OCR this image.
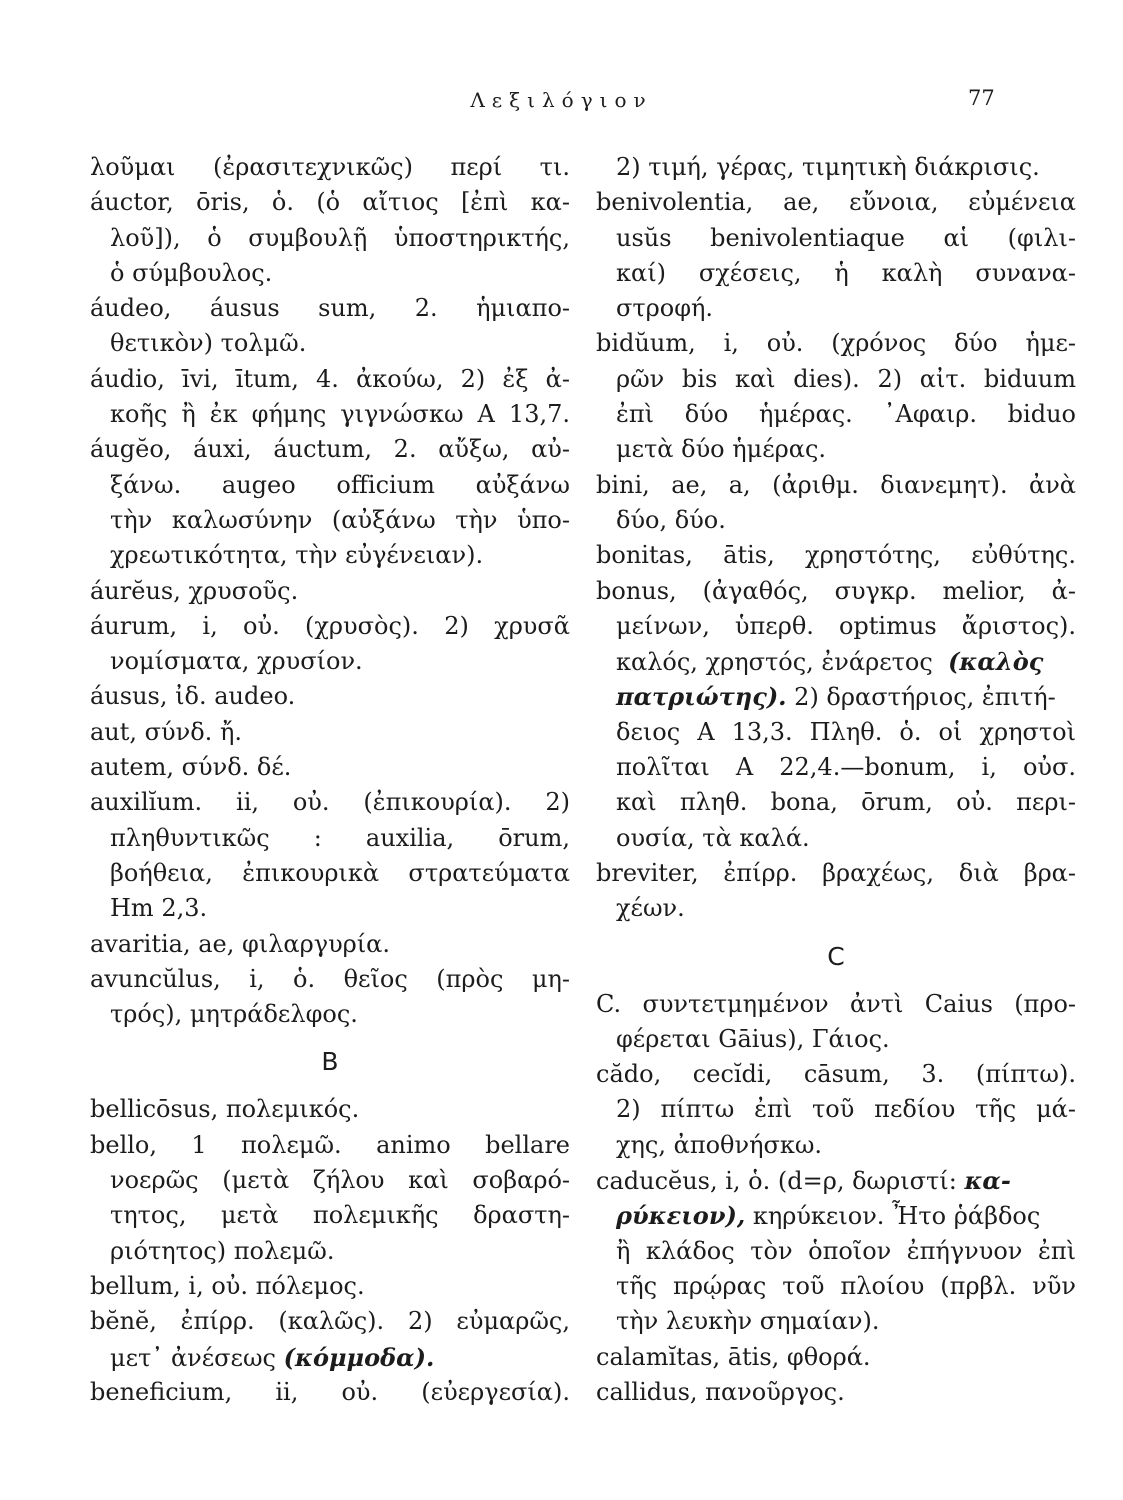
Λεξιλόγιον	77
λοῦμαι (ἐρασιτεχνικῶς) περί τι.
áuctor, ōris, ὁ. (ὁ αἴτιος [ἐπὶ κα-
λοῦ]), ὁ συμβουλῇ ὑποστηρικτής,
ὁ σύμβουλος.
áudeo, áusus sum, 2. ἡμιαπο-
θετικὸν) τολμῶ.
áudio, īvi, ītum, 4. ἀκούω, 2) ἐξ ἀ-
κοῆς ἢ ἐκ φήμης γιγνώσκω Α 13,7.
áugĕo, áuxi, áuctum, 2. αὔξω, αὐ-
ξάνω. augeo officium αὐξάνω
τὴν καλωσύνην (αὐξάνω τὴν ὑπο-
χρεωτικότητα, τὴν εὐγένειαν).
áurĕus, χρυσοῦς.
áurum, i, οὐ. (χρυσὸς). 2) χρυσᾶ
νομίσματα, χρυσίον.
áusus, ἰδ. audeo.
aut, σύνδ. ἤ.
autem, σύνδ. δέ.
auxilĭum. ii, οὐ. (ἐπικουρία). 2)
πληθυντικῶς : auxilia, ōrum,
βοήθεια, ἐπικουρικὰ στρατεύματα
Hm 2,3.
avaritia, ae, φιλαργυρία.
avuncŭlus, i, ὁ. θεῖος (πρὸς μη-
τρός), μητράδελφος.
B
bellicōsus, πολεμικός.
bello, 1 πολεμῶ. animo bellare
νοερῶς (μετὰ ζήλου καὶ σοβαρό-
τητος, μετὰ πολεμικῆς δραστη-
ριότητος) πολεμῶ.
bellum, i, οὐ. πόλεμος.
bĕnĕ, ἐπίρρ. (καλῶς). 2) εὐμαρῶς,
μετ᾽ ἀνέσεως (κόμμοδα).
beneficium, ii, οὐ. (εὐεργεσία).
2) τιμή, γέρας, τιμητικὴ διάκρισις.
benivolentia, ae, εὔνοια, εὐμένεια
usŭs benivolentiaque αἱ (φιλι-
καί) σχέσεις, ἡ καλὴ συνανα-
στροφή.
bidŭum, i, οὐ. (χρόνος δύο ἡμε-
ρῶν bis καὶ dies). 2) αἰτ. biduum
ἐπὶ δύο ἡμέρας. ᾽Αφαιρ. biduo
μετὰ δύο ἡμέρας.
bini, ae, a, (ἀριθμ. διανεμητ). ἀνὰ
δύο, δύο.
bonitas, ātis, χρηστότης, εὐθύτης.
bonus, (ἀγαθός, συγκρ. melior, ἀ-
μείνων, ὑπερθ. optimus ἄριστος).
καλός, χρηστός, ἐνάρετος (καλὸς
πατριώτης). 2) δραστήριος, ἐπιτή-
δειος Α 13,3. Πληθ. ὁ. οἱ χρηστοὶ
πολῖται Α 22,4.—bonum, i, οὐσ.
καὶ πληθ. bona, ōrum, οὐ. περι-
ουσία, τὰ καλά.
breviter, ἐπίρρ. βραχέως, διὰ βρα-
χέων.
C
C. συντετμημένον ἀντὶ Caius (προ-
φέρεται Gāius), Γάιος.
cădo, cecĭdi, cāsum, 3. (πίπτω).
2) πίπτω ἐπὶ τοῦ πεδίου τῆς μά-
χης, ἀποθνήσκω.
caducĕus, i, ὁ. (d=ρ, δωριστί: κα-
ρύκειον), κηρύκειον. Ἦτο ῥάβδος
ἢ κλάδος τὸν ὁποῖον ἐπήγνυον ἐπὶ
τῆς πρῴρας τοῦ πλοίου (πρβλ. νῦν
τὴν λευκὴν σημαίαν).
calamĭtas, ātis, φθορά.
callidus, πανοῦργος.
